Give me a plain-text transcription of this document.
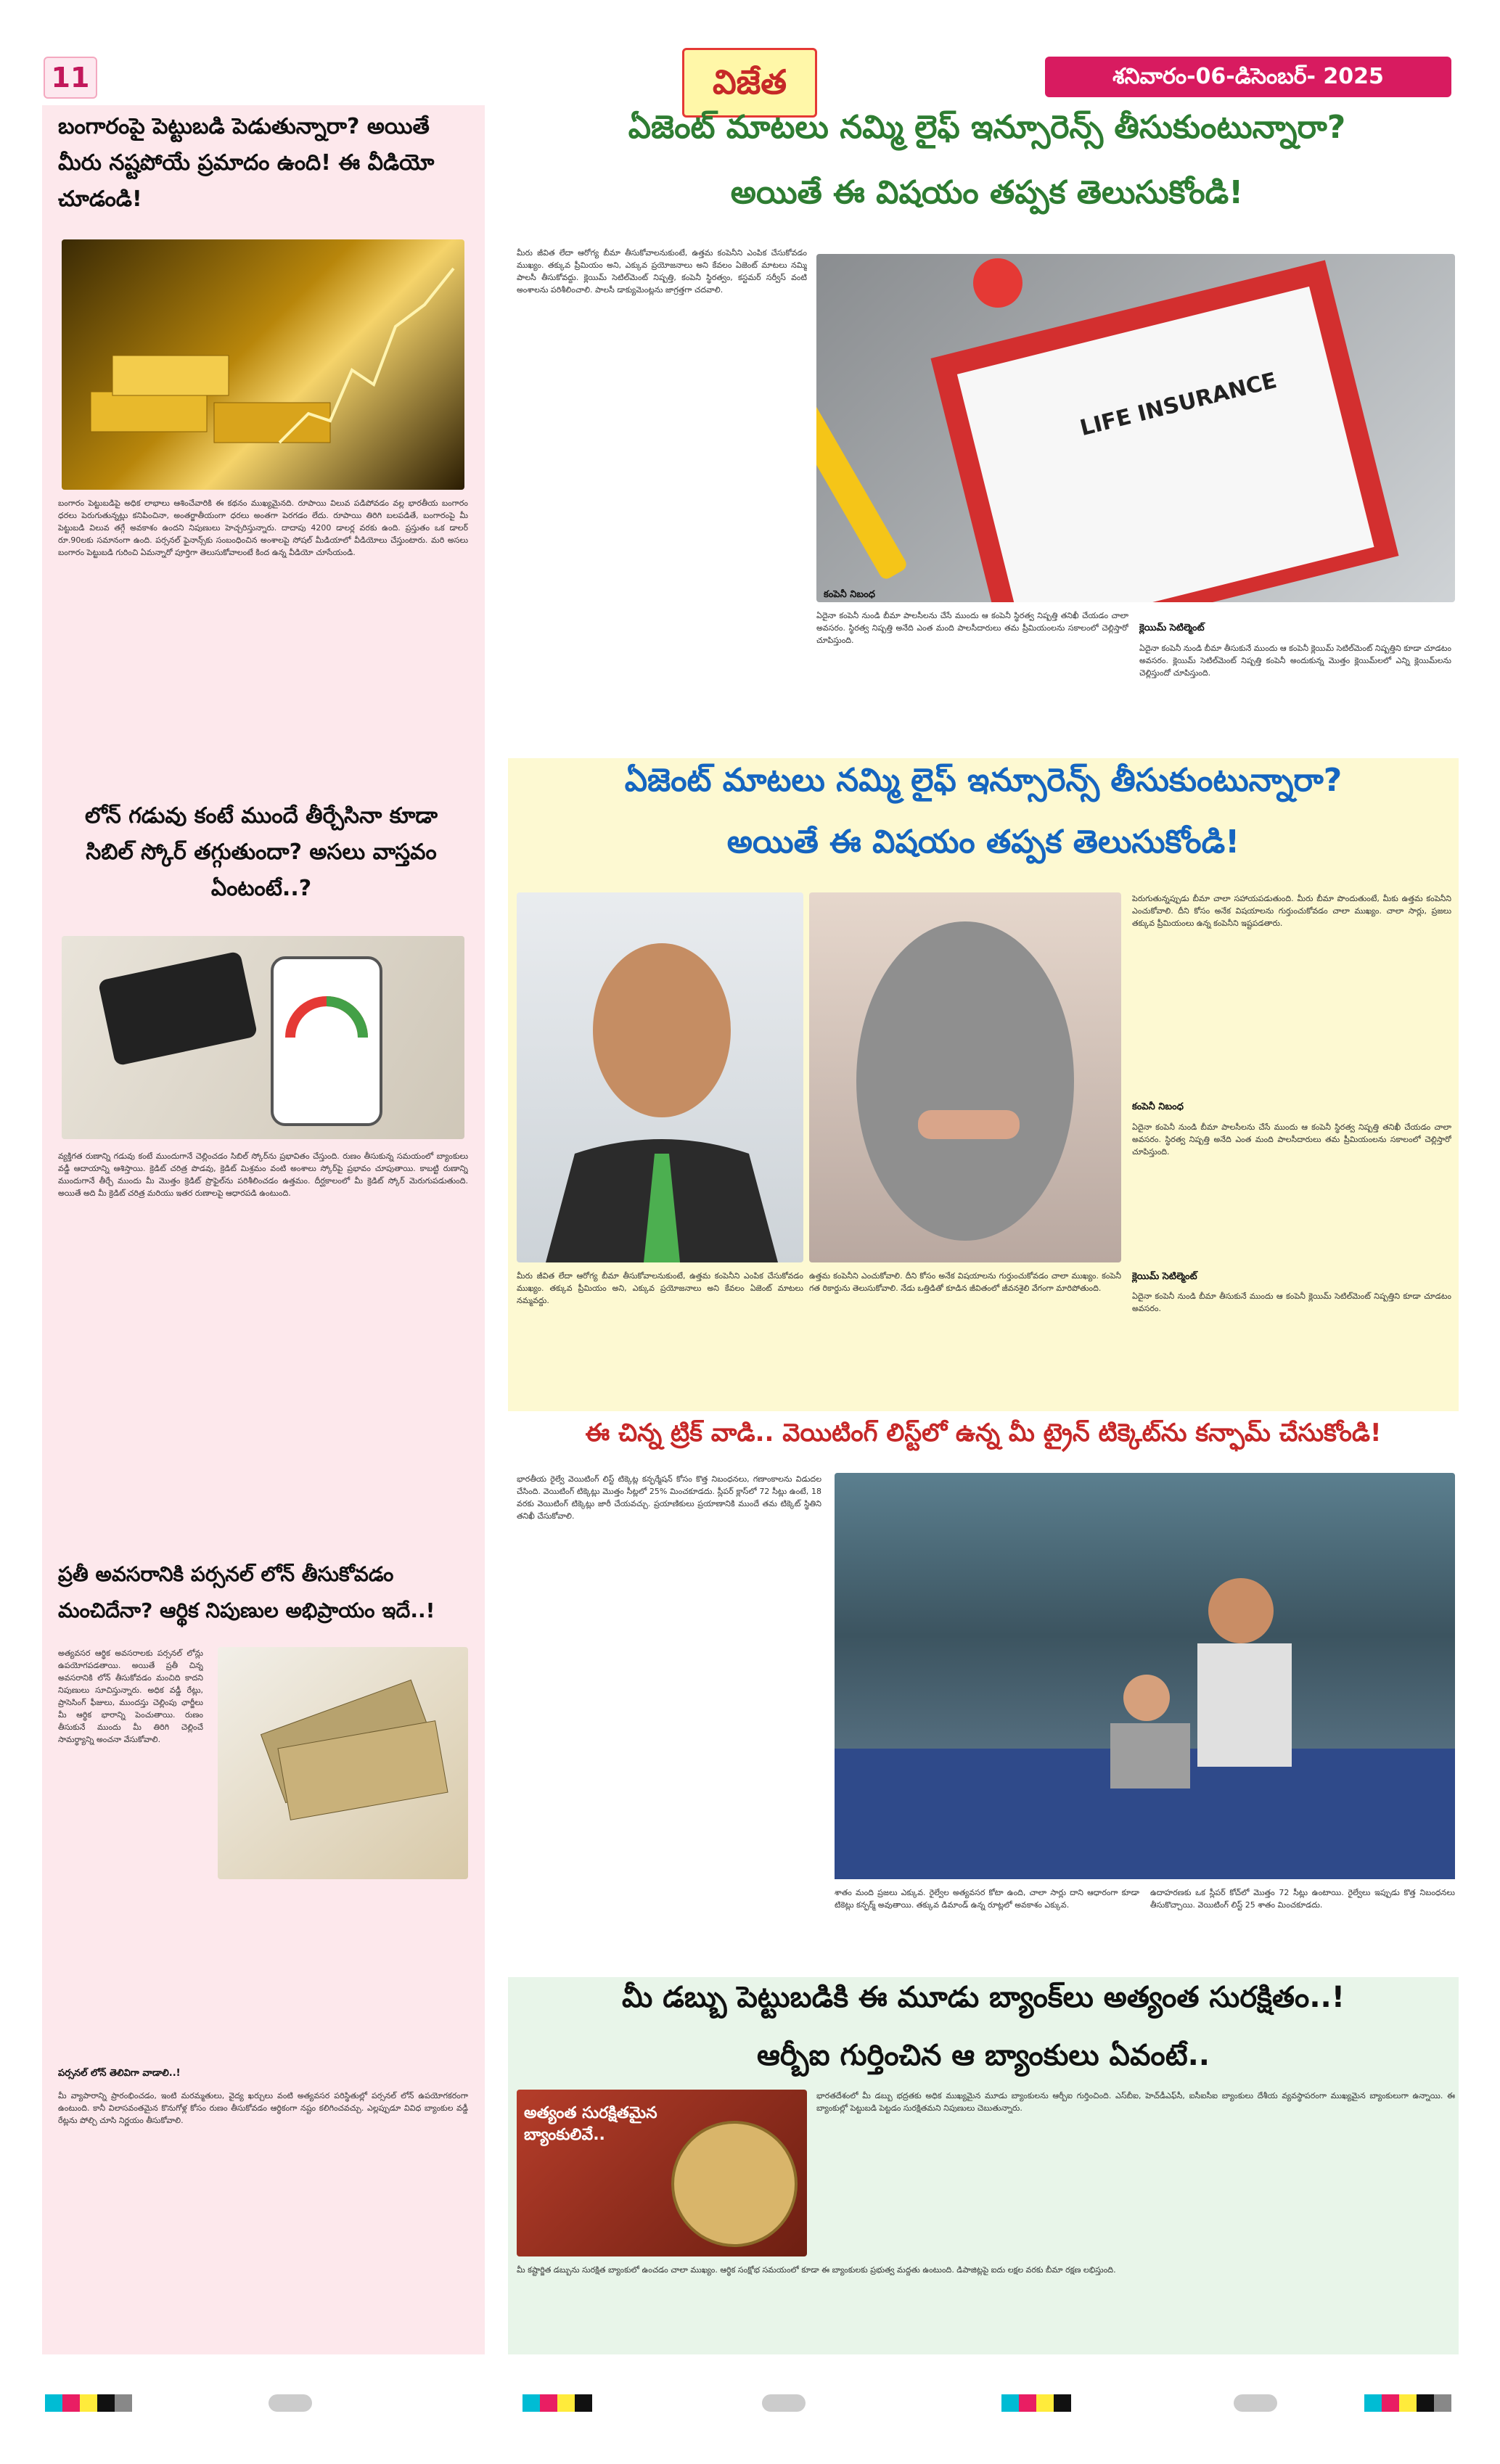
11	విజేత	శనివారం-06-డిసెంబర్- 2025
బంగారంపై పెట్టుబడి పెడుతున్నారా? అయితే మీరు నష్టపోయే ప్రమాదం ఉంది! ఈ వీడియో చూడండి!
బంగారం పెట్టుబడిపై అధిక లాభాలు ఆశించేవారికి ఈ కథనం ముఖ్యమైనది. రూపాయి విలువ పడిపోవడం వల్ల భారతీయ బంగారం ధరలు పెరుగుతున్నట్లు కనిపించినా, అంతర్జాతీయంగా ధరలు అంతగా పెరగడం లేదు. రూపాయి తిరిగి బలపడితే, బంగారంపై మీ పెట్టుబడి విలువ తగ్గే అవకాశం ఉందని నిపుణులు హెచ్చరిస్తున్నారు. దాదాపు 4200 డాలర్ల వరకు ఉంది. ప్రస్తుతం ఒక డాలర్ రూ.90లకు సమానంగా ఉంది. పర్సనల్ ఫైనాన్స్‌కు సంబంధించిన అంశాలపై సోషల్ మీడియాలో వీడియోలు చేస్తుంటారు. మరి అసలు బంగారం పెట్టుబడి గురించి ఏమన్నారో పూర్తిగా తెలుసుకోవాలంటే కింద ఉన్న వీడియో చూసేయండి.
లోన్ గడువు కంటే ముందే తీర్చేసినా కూడా సిబిల్ స్కోర్ తగ్గుతుందా? అసలు వాస్తవం ఏంటంటే..?
వ్యక్తిగత రుణాన్ని గడువు కంటే ముందుగానే చెల్లించడం సిబిల్ స్కోర్‌ను ప్రభావితం చేస్తుంది. రుణం తీసుకున్న సమయంలో బ్యాంకులు వడ్డీ ఆదాయాన్ని ఆశిస్తాయి. క్రెడిట్ చరిత్ర పొడవు, క్రెడిట్ మిశ్రమం వంటి అంశాలు స్కోర్‌పై ప్రభావం చూపుతాయి. కాబట్టి రుణాన్ని ముందుగానే తీర్చే ముందు మీ మొత్తం క్రెడిట్ ప్రొఫైల్‌ను పరిశీలించడం ఉత్తమం. దీర్ఘకాలంలో మీ క్రెడిట్ స్కోర్ మెరుగుపడుతుంది. అయితే అది మీ క్రెడిట్ చరిత్ర మరియు ఇతర రుణాలపై ఆధారపడి ఉంటుంది.
ప్రతీ అవసరానికి పర్సనల్ లోన్ తీసుకోవడం మంచిదేనా? ఆర్థిక నిపుణుల అభిప్రాయం ఇదే..!
అత్యవసర ఆర్థిక అవసరాలకు పర్సనల్ లోన్లు ఉపయోగపడతాయి. అయితే ప్రతీ చిన్న అవసరానికి లోన్ తీసుకోవడం మంచిది కాదని నిపుణులు సూచిస్తున్నారు. అధిక వడ్డీ రేట్లు, ప్రాసెసింగ్ ఫీజులు, ముందస్తు చెల్లింపు ఛార్జీలు మీ ఆర్థిక భారాన్ని పెంచుతాయి. రుణం తీసుకునే ముందు మీ తిరిగి చెల్లించే సామర్థ్యాన్ని అంచనా వేసుకోవాలి.
పర్సనల్ లోన్ తెలివిగా వాడాలి..!
మీ వ్యాపారాన్ని ప్రారంభించడం, ఇంటి మరమ్మతులు, వైద్య ఖర్చులు వంటి అత్యవసర పరిస్థితుల్లో పర్సనల్ లోన్ ఉపయోగకరంగా ఉంటుంది. కానీ విలాసవంతమైన కొనుగోళ్ల కోసం రుణం తీసుకోవడం ఆర్థికంగా నష్టం కలిగించవచ్చు. ఎల్లప్పుడూ వివిధ బ్యాంకుల వడ్డీ రేట్లను పోల్చి చూసి నిర్ణయం తీసుకోవాలి.
ఏజెంట్ మాటలు నమ్మి లైఫ్ ఇన్సూరెన్స్ తీసుకుంటున్నారా?
అయితే ఈ విషయం తప్పక తెలుసుకోండి!
మీరు జీవిత లేదా ఆరోగ్య బీమా తీసుకోవాలనుకుంటే, ఉత్తమ కంపెనీని ఎంపిక చేసుకోవడం ముఖ్యం. తక్కువ ప్రీమియం అని, ఎక్కువ ప్రయోజనాలు అని కేవలం ఏజెంట్ మాటలు నమ్మి పాలసీ తీసుకోవద్దు. క్లెయిమ్ సెటిల్‌మెంట్ నిష్పత్తి, కంపెనీ స్థిరత్వం, కస్టమర్ సర్వీస్ వంటి అంశాలను పరిశీలించాలి. పాలసీ డాక్యుమెంట్లను జాగ్రత్తగా చదవాలి.
LIFE INSURANCE
కంపెనీ నిబంధ
ఏదైనా కంపెనీ నుండి బీమా పాలసీలను చేసే ముందు ఆ కంపెనీ స్థిరత్వ నిష్పత్తి తనిఖీ చేయడం చాలా అవసరం. స్థిరత్వ నిష్పత్తి అనేది ఎంత మంది పాలసీదారులు తమ ప్రీమియంలను సకాలంలో చెల్లిస్తారో చూపిస్తుంది.
క్లెయిమ్ సెటిల్మెంట్
ఏదైనా కంపెనీ నుండి బీమా తీసుకునే ముందు ఆ కంపెనీ క్లెయిమ్ సెటిల్‌మెంట్ నిష్పత్తిని కూడా చూడటం అవసరం. క్లెయిమ్ సెటిల్‌మెంట్ నిష్పత్తి కంపెనీ అందుకున్న మొత్తం క్లెయిమ్‌లలో ఎన్ని క్లెయిమ్‌లను చెల్లిస్తుందో చూపిస్తుంది.
ఏజెంట్ మాటలు నమ్మి లైఫ్ ఇన్సూరెన్స్ తీసుకుంటున్నారా?
అయితే ఈ విషయం తప్పక తెలుసుకోండి!
పెరుగుతున్నప్పుడు బీమా చాలా సహాయపడుతుంది. మీరు బీమా పొందుతుంటే, మీకు ఉత్తమ కంపెనీని ఎంచుకోవాలి. దీని కోసం అనేక విషయాలను గుర్తుంచుకోవడం చాలా ముఖ్యం. చాలా సార్లు, ప్రజలు తక్కువ ప్రీమియంలు ఉన్న కంపెనీని ఇష్టపడతారు.
కంపెనీ నిబంధ
ఏదైనా కంపెనీ నుండి బీమా పాలసీలను చేసే ముందు ఆ కంపెనీ స్థిరత్వ నిష్పత్తి తనిఖీ చేయడం చాలా అవసరం. స్థిరత్వ నిష్పత్తి అనేది ఎంత మంది పాలసీదారులు తమ ప్రీమియంలను సకాలంలో చెల్లిస్తారో చూపిస్తుంది.
క్లెయిమ్ సెటిల్మెంట్
ఏదైనా కంపెనీ నుండి బీమా తీసుకునే ముందు ఆ కంపెనీ క్లెయిమ్ సెటిల్‌మెంట్ నిష్పత్తిని కూడా చూడటం అవసరం.
మీరు జీవిత లేదా ఆరోగ్య బీమా తీసుకోవాలనుకుంటే, ఉత్తమ కంపెనీని ఎంపిక చేసుకోవడం ముఖ్యం. తక్కువ ప్రీమియం అని, ఎక్కువ ప్రయోజనాలు అని కేవలం ఏజెంట్ మాటలు నమ్మవద్దు.
ఉత్తమ కంపెనీని ఎంచుకోవాలి. దీని కోసం అనేక విషయాలను గుర్తుంచుకోవడం చాలా ముఖ్యం. కంపెనీ గత రికార్డును తెలుసుకోవాలి. నేడు ఒత్తిడితో కూడిన జీవితంలో జీవనశైలి వేగంగా మారిపోతుంది.
ఈ చిన్న ట్రిక్ వాడి.. వెయిటింగ్ లిస్ట్‌లో ఉన్న మీ ట్రైన్ టిక్కెట్‌ను కన్ఫామ్ చేసుకోండి!
భారతీయ రైల్వే వెయిటింగ్ లిస్ట్ టిక్కెట్ల కన్ఫర్మేషన్ కోసం కొత్త నిబంధనలు, గణాంకాలను విడుదల చేసింది. వెయిటింగ్ టిక్కెట్లు మొత్తం సీట్లలో 25% మించకూడదు. స్లీపర్ క్లాస్‌లో 72 సీట్లు ఉంటే, 18 వరకు వెయిటింగ్ టిక్కెట్లు జారీ చేయవచ్చు. ప్రయాణికులు ప్రయాణానికి ముందే తమ టిక్కెట్ స్థితిని తనిఖీ చేసుకోవాలి.
శాతం మంది ప్రజలు ఎక్కువ. రైల్వేల అత్యవసర కోటా ఉంది, చాలా సార్లు దాని ఆధారంగా కూడా టికెట్లు కన్ఫర్మ్ అవుతాయి. తక్కువ డిమాండ్ ఉన్న రూట్లలో అవకాశం ఎక్కువ.
ఉదాహరణకు ఒక స్లీపర్ కోచ్‌లో మొత్తం 72 సీట్లు ఉంటాయి. రైల్వేలు ఇప్పుడు కొత్త నిబంధనలు తీసుకొచ్చాయి. వెయిటింగ్ లిస్ట్ 25 శాతం మించకూడదు.
మీ డబ్బు పెట్టుబడికి ఈ మూడు బ్యాంక్‌లు అత్యంత సురక్షితం..!
ఆర్బీఐ గుర్తించిన ఆ బ్యాంకులు ఏవంటే..
అత్యంత సురక్షితమైన బ్యాంకులివే..
భారతదేశంలో మీ డబ్బు భద్రతకు అధిక ముఖ్యమైన మూడు బ్యాంకులను ఆర్బీఐ గుర్తించింది. ఎస్‌బీఐ, హెచ్‌డీఎఫ్‌సీ, ఐసీఐసీఐ బ్యాంకులు దేశీయ వ్యవస్థాపరంగా ముఖ్యమైన బ్యాంకులుగా ఉన్నాయి. ఈ బ్యాంకుల్లో పెట్టుబడి పెట్టడం సురక్షితమని నిపుణులు చెబుతున్నారు.
మీ కష్టార్జిత డబ్బును సురక్షిత బ్యాంకులో ఉంచడం చాలా ముఖ్యం. ఆర్థిక సంక్షోభ సమయంలో కూడా ఈ బ్యాంకులకు ప్రభుత్వ మద్దతు ఉంటుంది. డిపాజిట్లపై ఐదు లక్షల వరకు బీమా రక్షణ లభిస్తుంది.
